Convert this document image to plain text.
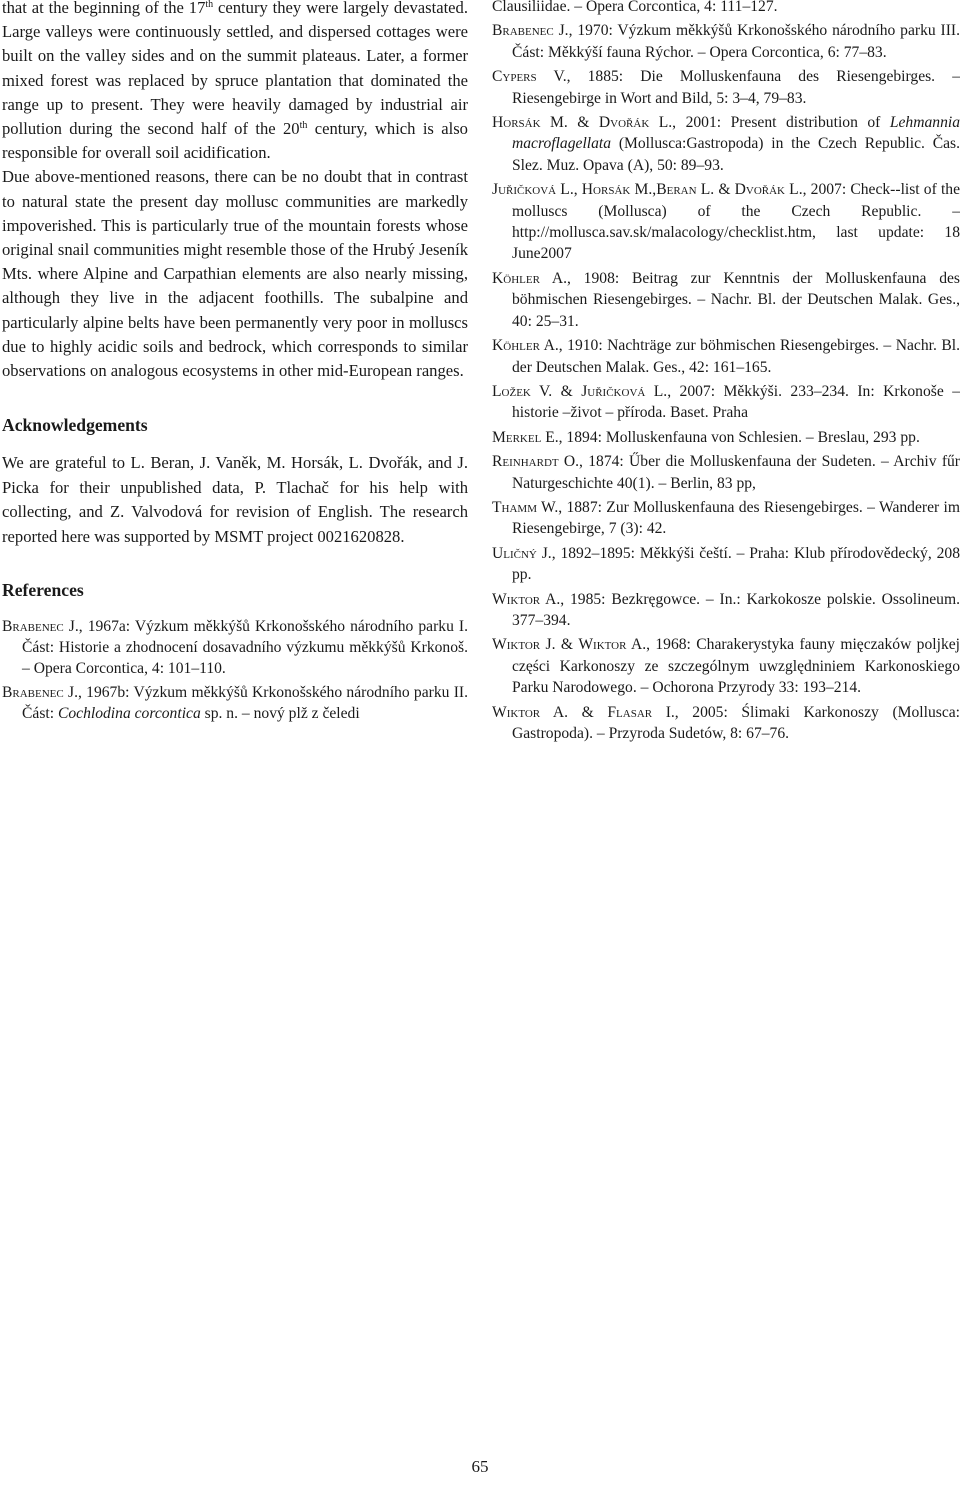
that at the beginning of the 17th century they were largely devastated. Large valleys were continuously settled, and dispersed cottages were built on the valley sides and on the summit plateaus. Later, a former mixed forest was replaced by spruce plantation that dominated the range up to present. They were heavily damaged by industrial air pollution during the second half of the 20th century, which is also responsible for overall soil acidification.

Due above-mentioned reasons, there can be no doubt that in contrast to natural state the present day mollusc communities are markedly impoverished. This is particularly true of the mountain forests whose original snail communities might resemble those of the Hrubý Jeseník Mts. where Alpine and Carpathian elements are also nearly missing, although they live in the adjacent foothills. The subalpine and particularly alpine belts have been permanently very poor in molluscs due to highly acidic soils and bedrock, which corresponds to similar observations on analogous ecosystems in other mid-European ranges.

Acknowledgements

We are grateful to L. Beran, J. Vaněk, M. Horsák, L. Dvořák, and J. Picka for their unpublished data, P. Tlachač for his help with collecting, and Z. Valvodová for revision of English. The research reported here was supported by MSMT project 0021620828.

References

Brabenec J., 1967a: Výzkum měkkýšů Krkonošského národního parku I. Část: Historie a zhodnocení dosavadního výzkumu měkkýšů Krkonoš. – Opera Corcontica, 4: 101–110.

Brabenec J., 1967b: Výzkum měkkýšů Krkonošského národního parku II. Část: Cochlodina corcontica sp. n. – nový plž z čeledi

Clausiliidae. – Opera Corcontica, 4: 111–127.

Brabenec J., 1970: Výzkum měkkýšů Krkonošského národního parku III. Část: Měkkýší fauna Rýchor. – Opera Corcontica, 6: 77–83.

Cypers V., 1885: Die Molluskenfauna des Riesengebirges. – Riesengebirge in Wort and Bild, 5: 3–4, 79–83.

Horsák M. & Dvořák L., 2001: Present distribution of Lehmannia macroflagellata (Mollusca:Gastropoda) in the Czech Republic. Čas. Slez. Muz. Opava (A), 50: 89–93.

Juřičková L., Horsák M.,Beran L. & Dvořák L., 2007: Check--list of the molluscs (Mollusca) of the Czech Republic. – http://mollusca.sav.sk/malacology/checklist.htm, last update: 18 June2007

Köhler A., 1908: Beitrag zur Kenntnis der Molluskenfauna des böhmischen Riesengebirges. – Nachr. Bl. der Deutschen Malak. Ges., 40: 25–31.

Köhler A., 1910: Nachträge zur böhmischen Riesengebirges. – Nachr. Bl. der Deutschen Malak. Ges., 42: 161–165.

Ložek V. & Juřičková L., 2007: Měkkýši. 233–234. In: Krkonoše – historie –život – příroda. Baset. Praha

Merkel E., 1894: Molluskenfauna von Schlesien. – Breslau, 293 pp.

Reinhardt O., 1874: Űber die Molluskenfauna der Sudeten. – Archiv fűr Naturgeschichte 40(1). – Berlin, 83 pp,

Thamm W., 1887: Zur Molluskenfauna des Riesengebirges. – Wanderer im Riesengebirge, 7 (3): 42.

Uličný J., 1892–1895: Měkkýši čeští. – Praha: Klub přírodovědecký, 208 pp.

Wiktor A., 1985: Bezkręgowce. – In.: Karkokosze polskie. Ossolineum. 377–394.

Wiktor J. & Wiktor A., 1968: Charakerystyka fauny mięczaków poljkej części Karkonoszy ze szczególnym uwzględniniem Karkonoskiego Parku Narodowego. – Ochorona Przyrody 33: 193–214.

Wiktor A. & Flasar I., 2005: Ślimaki Karkonoszy (Mollusca: Gastropoda). – Przyroda Sudetów, 8: 67–76.

65
